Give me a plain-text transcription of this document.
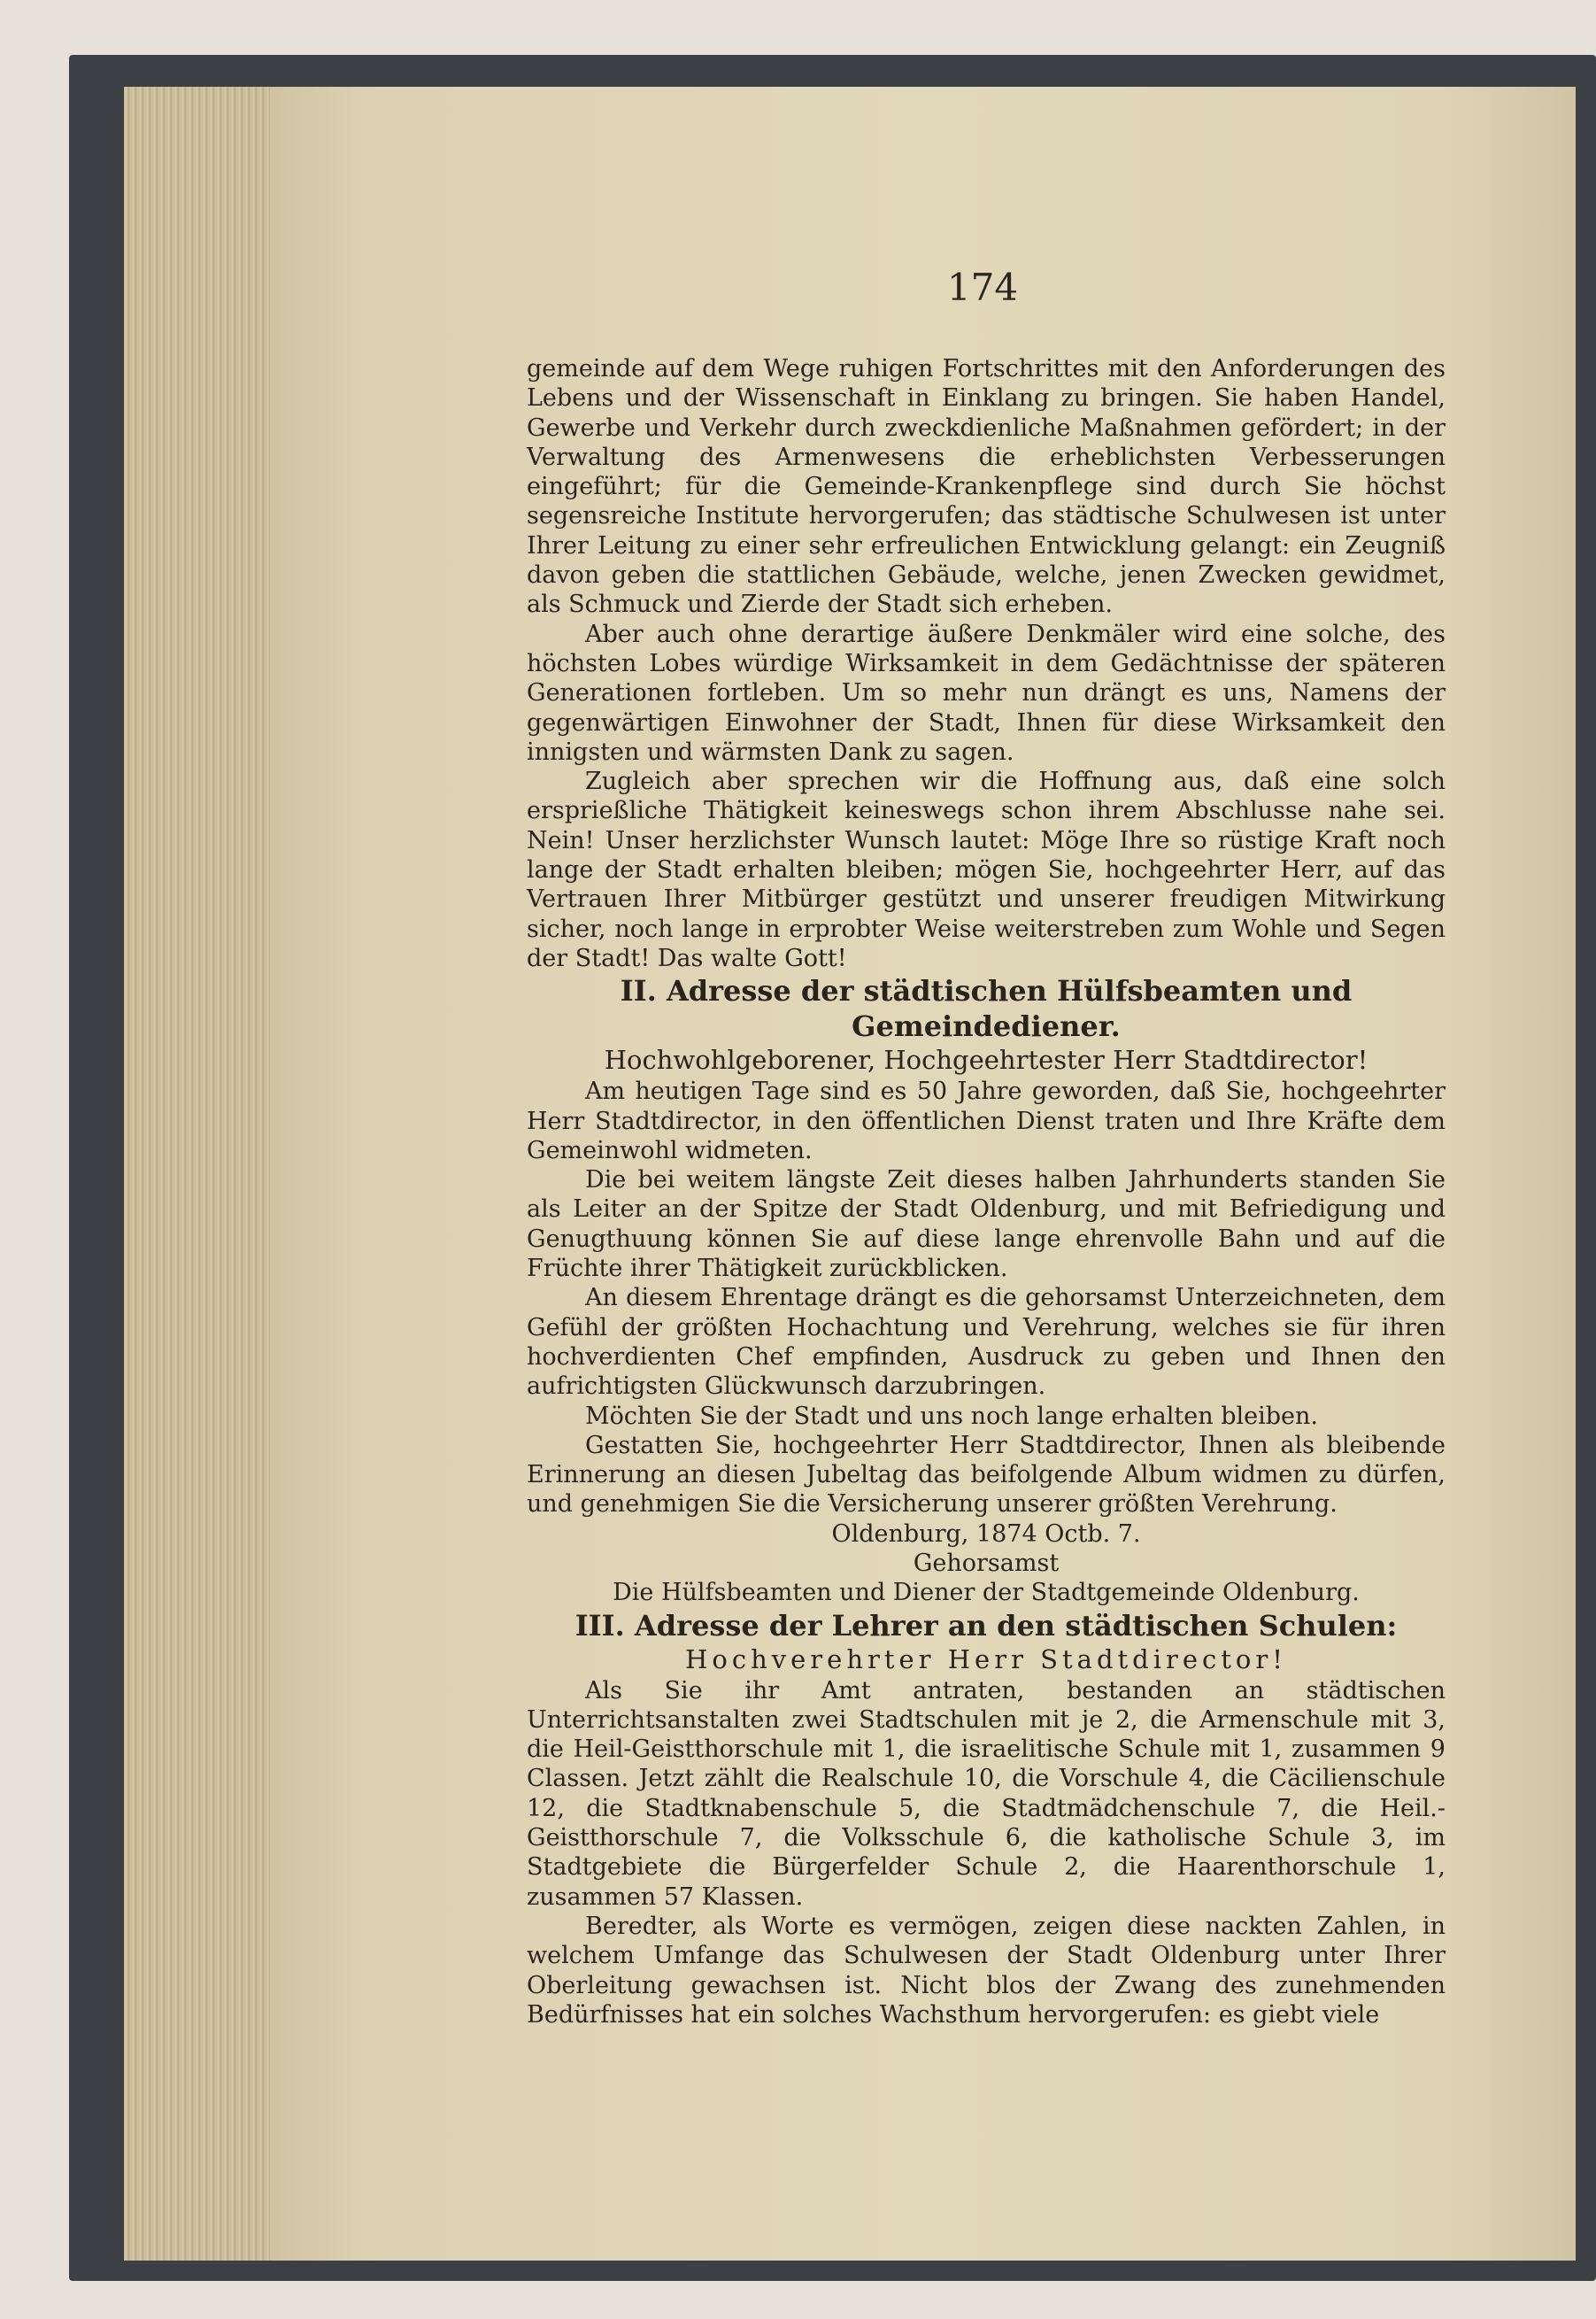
174

gemeinde auf dem Wege ruhigen Fortschrittes mit den Anforderungen des Lebens und der Wissenschaft in Einklang zu bringen. Sie haben Handel, Gewerbe und Verkehr durch zweckdienliche Maßnahmen gefördert; in der Verwaltung des Armenwesens die erheblichsten Verbesserungen eingeführt; für die Gemeinde-Krankenpflege sind durch Sie höchst segensreiche Institute hervorgerufen; das städtische Schulwesen ist unter Ihrer Leitung zu einer sehr erfreulichen Entwicklung gelangt: ein Zeugniß davon geben die stattlichen Gebäude, welche, jenen Zwecken gewidmet, als Schmuck und Zierde der Stadt sich erheben.

Aber auch ohne derartige äußere Denkmäler wird eine solche, des höchsten Lobes würdige Wirksamkeit in dem Gedächtnisse der späteren Generationen fortleben. Um so mehr nun drängt es uns, Namens der gegenwärtigen Einwohner der Stadt, Ihnen für diese Wirksamkeit den innigsten und wärmsten Dank zu sagen.

Zugleich aber sprechen wir die Hoffnung aus, daß eine solch ersprießliche Thätigkeit keineswegs schon ihrem Abschlusse nahe sei. Nein! Unser herzlichster Wunsch lautet: Möge Ihre so rüstige Kraft noch lange der Stadt erhalten bleiben; mögen Sie, hochgeehrter Herr, auf das Vertrauen Ihrer Mitbürger gestützt und unserer freudigen Mitwirkung sicher, noch lange in erprobter Weise weiterstreben zum Wohle und Segen der Stadt! Das walte Gott!

II. Adresse der städtischen Hülfsbeamten und Gemeindediener.

Hochwohlgeborener, Hochgeehrtester Herr Stadtdirector!

Am heutigen Tage sind es 50 Jahre geworden, daß Sie, hochgeehrter Herr Stadtdirector, in den öffentlichen Dienst traten und Ihre Kräfte dem Gemeinwohl widmeten.

Die bei weitem längste Zeit dieses halben Jahrhunderts standen Sie als Leiter an der Spitze der Stadt Oldenburg, und mit Befriedigung und Genugthuung können Sie auf diese lange ehrenvolle Bahn und auf die Früchte ihrer Thätigkeit zurückblicken.

An diesem Ehrentage drängt es die gehorsamst Unterzeichneten, dem Gefühl der größten Hochachtung und Verehrung, welches sie für ihren hochverdienten Chef empfinden, Ausdruck zu geben und Ihnen den aufrichtigsten Glückwunsch darzubringen.

Möchten Sie der Stadt und uns noch lange erhalten bleiben.

Gestatten Sie, hochgeehrter Herr Stadtdirector, Ihnen als bleibende Erinnerung an diesen Jubeltag das beifolgende Album widmen zu dürfen, und genehmigen Sie die Versicherung unserer größten Verehrung.

Oldenburg, 1874 Octb. 7.

Gehorsamst

Die Hülfsbeamten und Diener der Stadtgemeinde Oldenburg.

III. Adresse der Lehrer an den städtischen Schulen:

Hochverehrter Herr Stadtdirector!

Als Sie ihr Amt antraten, bestanden an städtischen Unterrichtsanstalten zwei Stadtschulen mit je 2, die Armenschule mit 3, die Heil-Geistthorschule mit 1, die israelitische Schule mit 1, zusammen 9 Classen. Jetzt zählt die Realschule 10, die Vorschule 4, die Cäcilienschule 12, die Stadtknabenschule 5, die Stadtmädchenschule 7, die Heil.-Geistthorschule 7, die Volksschule 6, die katholische Schule 3, im Stadtgebiete die Bürgerfelder Schule 2, die Haarenthorschule 1, zusammen 57 Klassen.

Beredter, als Worte es vermögen, zeigen diese nackten Zahlen, in welchem Umfange das Schulwesen der Stadt Oldenburg unter Ihrer Oberleitung gewachsen ist. Nicht blos der Zwang des zunehmenden Bedürfnisses hat ein solches Wachsthum hervorgerufen: es giebt viele
